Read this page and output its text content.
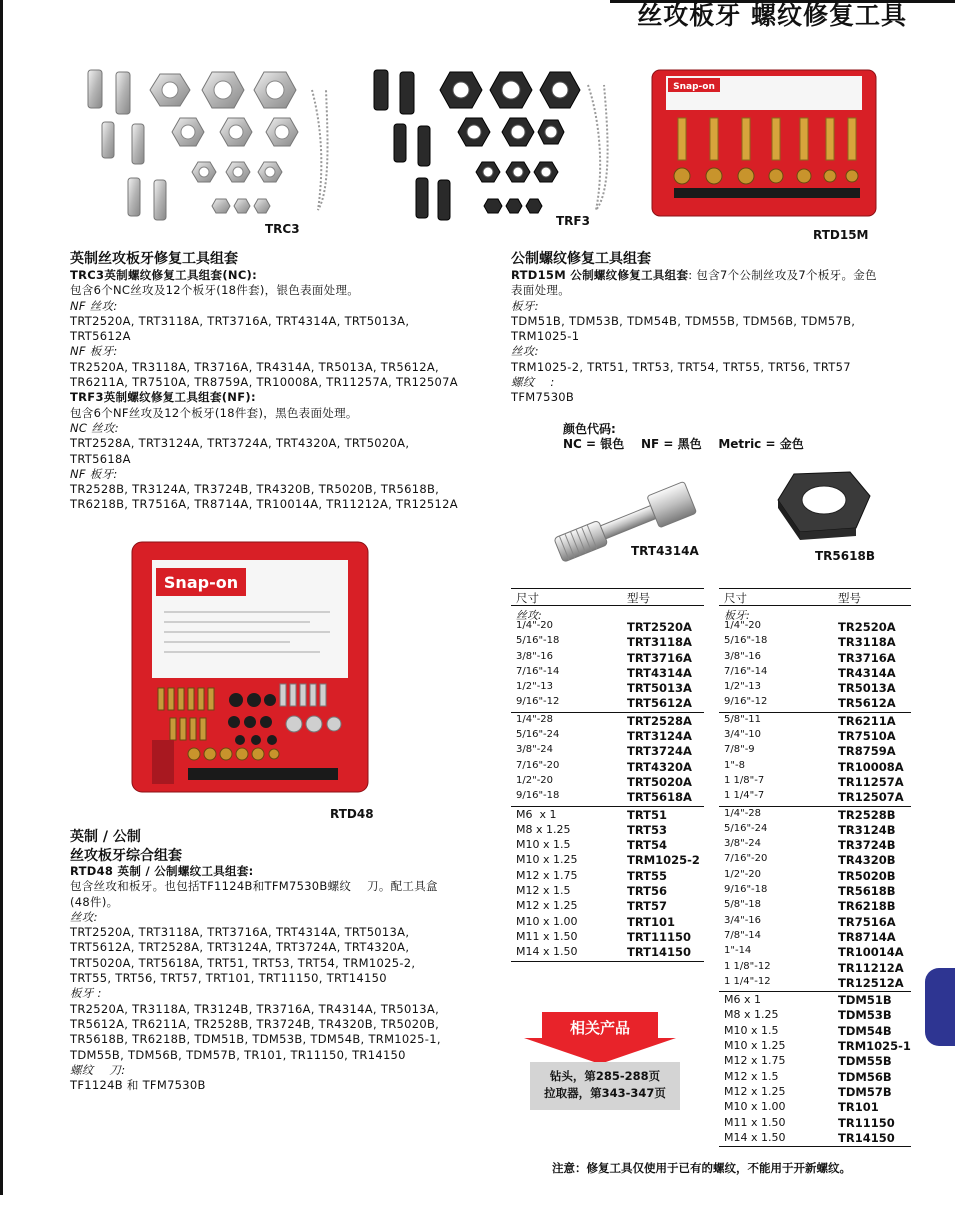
丝攻板牙 螺纹修复工具
TRC3
TRF3
Snap-on
RTD15M
英制丝攻板牙修复工具组套
TRC3英制螺纹修复工具组套(NC):
包含6个NC丝攻及12个板牙(18件套)，银色表面处理。
NF 丝攻:
TRT2520A, TRT3118A, TRT3716A, TRT4314A, TRT5013A,
TRT5612A
NF 板牙:
TR2520A, TR3118A, TR3716A, TR4314A, TR5013A, TR5612A,
TR6211A, TR7510A, TR8759A, TR10008A, TR11257A, TR12507A
TRF3英制螺纹修复工具组套(NF):
包含6个NF丝攻及12个板牙(18件套)，黑色表面处理。
NC 丝攻:
TRT2528A, TRT3124A, TRT3724A, TRT4320A, TRT5020A,
TRT5618A
NF 板牙:
TR2528B, TR3124A, TR3724B, TR4320B, TR5020B, TR5618B,
TR6218B, TR7516A, TR8714A, TR10014A, TR11212A, TR12512A
公制螺纹修复工具组套
RTD15M 公制螺纹修复工具组套: 包含7个公制丝攻及7个板牙。金色
表面处理。
板牙:
TDM51B, TDM53B, TDM54B, TDM55B, TDM56B, TDM57B,
TRM1025-1
丝攻:
TRM1025-2, TRT51, TRT53, TRT54, TRT55, TRT56, TRT57
螺纹    :
TFM7530B
颜色代码:
NC = 银色    NF = 黑色    Metric = 金色
TRT4314A	TR5618B
Snap-on
RTD48
英制 / 公制
丝攻板牙综合组套
RTD48 英制 / 公制螺纹工具组套:
包含丝攻和板牙。也包括TF1124B和TFM7530B螺纹    刀。配工具盒
(48件)。
丝攻:
TRT2520A, TRT3118A, TRT3716A, TRT4314A, TRT5013A,
TRT5612A, TRT2528A, TRT3124A, TRT3724A, TRT4320A,
TRT5020A, TRT5618A, TRT51, TRT53, TRT54, TRM1025-2,
TRT55, TRT56, TRT57, TRT101, TRT11150, TRT14150
板牙 :
TR2520A, TR3118A, TR3124B, TR3716A, TR4314A, TR5013A,
TR5612A, TR6211A, TR2528B, TR3724B, TR4320B, TR5020B,
TR5618B, TR6218B, TDM51B, TDM53B, TDM54B, TRM1025-1,
TDM55B, TDM56B, TDM57B, TR101, TR11150, TR14150
螺纹    刀:
TF1124B 和 TFM7530B
尺寸	型号
丝攻:
1/4"-20	TRT2520A
5/16"-18	TRT3118A
3/8"-16	TRT3716A
7/16"-14	TRT4314A
1/2"-13	TRT5013A
9/16"-12	TRT5612A
1/4"-28	TRT2528A
5/16"-24	TRT3124A
3/8"-24	TRT3724A
7/16"-20	TRT4320A
1/2"-20	TRT5020A
9/16"-18	TRT5618A
M6  x 1	TRT51
M8 x 1.25	TRT53
M10 x 1.5	TRT54
M10 x 1.25	TRM1025-2
M12 x 1.75	TRT55
M12 x 1.5	TRT56
M12 x 1.25	TRT57
M10 x 1.00	TRT101
M11 x 1.50	TRT11150
M14 x 1.50	TRT14150
尺寸	型号
板牙:
1/4"-20	TR2520A
5/16"-18	TR3118A
3/8"-16	TR3716A
7/16"-14	TR4314A
1/2"-13	TR5013A
9/16"-12	TR5612A
5/8"-11	TR6211A
3/4"-10	TR7510A
7/8"-9	TR8759A
1"-8	TR10008A
1 1/8"-7	TR11257A
1 1/4"-7	TR12507A
1/4"-28	TR2528B
5/16"-24	TR3124B
3/8"-24	TR3724B
7/16"-20	TR4320B
1/2"-20	TR5020B
9/16"-18	TR5618B
5/8"-18	TR6218B
3/4"-16	TR7516A
7/8"-14	TR8714A
1"-14	TR10014A
1 1/8"-12	TR11212A
1 1/4"-12	TR12512A
M6 x 1	TDM51B
M8 x 1.25	TDM53B
M10 x 1.5	TDM54B
M10 x 1.25	TRM1025-1
M12 x 1.75	TDM55B
M12 x 1.5	TDM56B
M12 x 1.25	TDM57B
M10 x 1.00	TR101
M11 x 1.50	TR11150
M14 x 1.50	TR14150
相关产品
钻头，第285-288页
拉取器，第343-347页
注意：修复工具仅使用于已有的螺纹，不能用于开新螺纹。
